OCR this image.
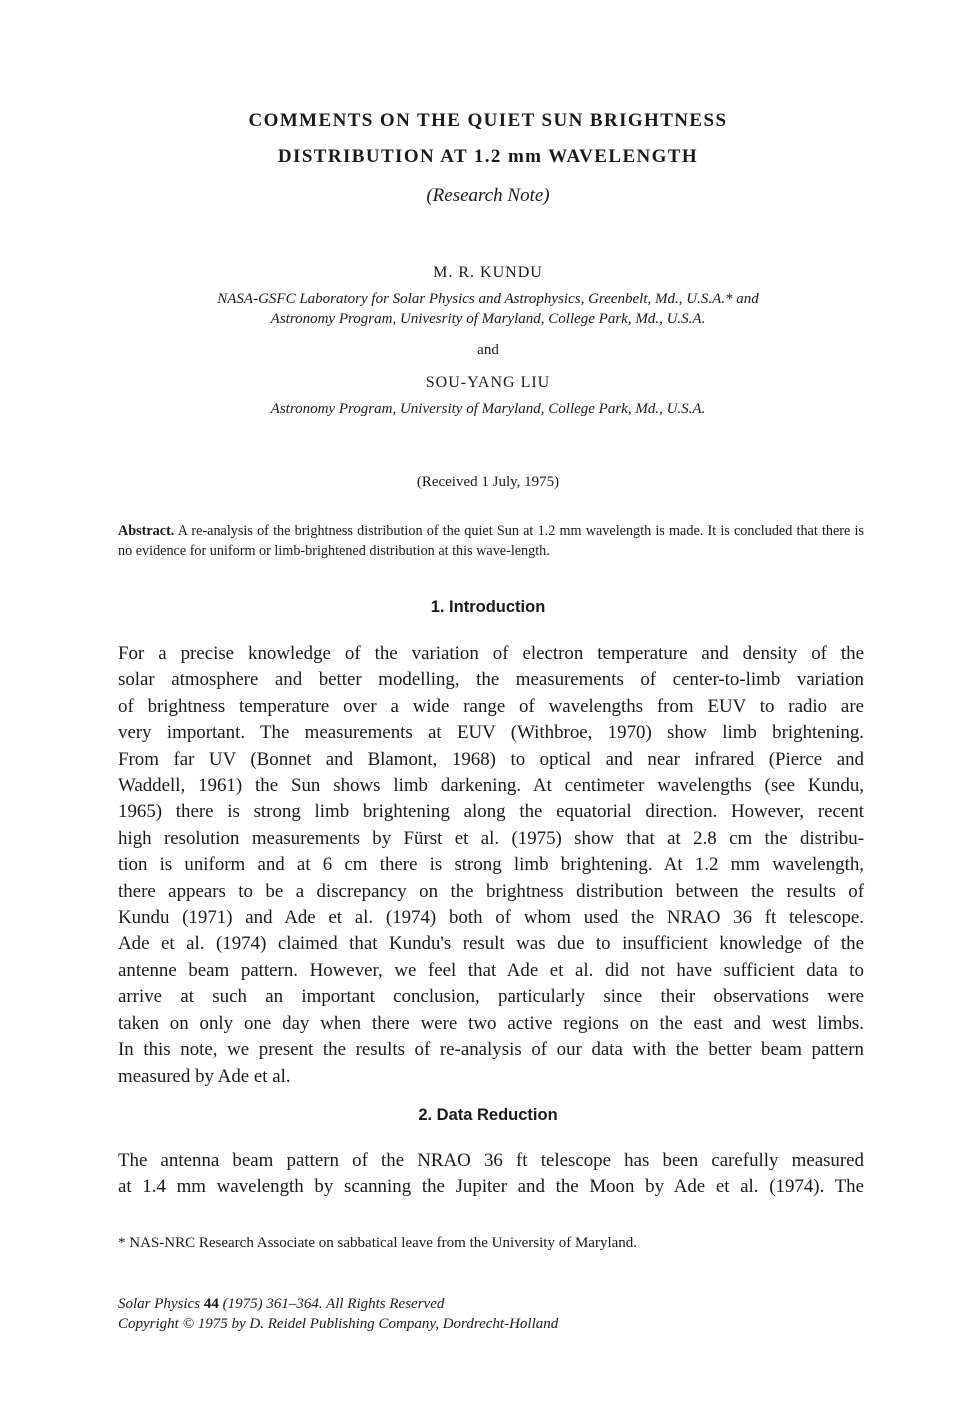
COMMENTS ON THE QUIET SUN BRIGHTNESS
DISTRIBUTION AT 1.2 mm WAVELENGTH
(Research Note)
M. R. KUNDU
NASA-GSFC Laboratory for Solar Physics and Astrophysics, Greenbelt, Md., U.S.A.* and
Astronomy Program, Univesrity of Maryland, College Park, Md., U.S.A.
and
SOU-YANG LIU
Astronomy Program, University of Maryland, College Park, Md., U.S.A.
(Received 1 July, 1975)
Abstract. A re-analysis of the brightness distribution of the quiet Sun at 1.2 mm wavelength is made. It is concluded that there is no evidence for uniform or limb-brightened distribution at this wave-length.
1. Introduction
For a precise knowledge of the variation of electron temperature and density of the
solar atmosphere and better modelling, the measurements of center-to-limb variation
of brightness temperature over a wide range of wavelengths from EUV to radio are
very important. The measurements at EUV (Withbroe, 1970) show limb brightening.
From far UV (Bonnet and Blamont, 1968) to optical and near infrared (Pierce and
Waddell, 1961) the Sun shows limb darkening. At centimeter wavelengths (see Kundu,
1965) there is strong limb brightening along the equatorial direction. However, recent
high resolution measurements by Fürst et al. (1975) show that at 2.8 cm the distribu-
tion is uniform and at 6 cm there is strong limb brightening. At 1.2 mm wavelength,
there appears to be a discrepancy on the brightness distribution between the results of
Kundu (1971) and Ade et al. (1974) both of whom used the NRAO 36 ft telescope.
Ade et al. (1974) claimed that Kundu's result was due to insufficient knowledge of the
antenne beam pattern. However, we feel that Ade et al. did not have sufficient data to
arrive at such an important conclusion, particularly since their observations were
taken on only one day when there were two active regions on the east and west limbs.
In this note, we present the results of re-analysis of our data with the better beam pattern
measured by Ade et al.
2. Data Reduction
The antenna beam pattern of the NRAO 36 ft telescope has been carefully measured
at 1.4 mm wavelength by scanning the Jupiter and the Moon by Ade et al. (1974). The
* NAS-NRC Research Associate on sabbatical leave from the University of Maryland.
Solar Physics 44 (1975) 361–364. All Rights Reserved
Copyright © 1975 by D. Reidel Publishing Company, Dordrecht-Holland
